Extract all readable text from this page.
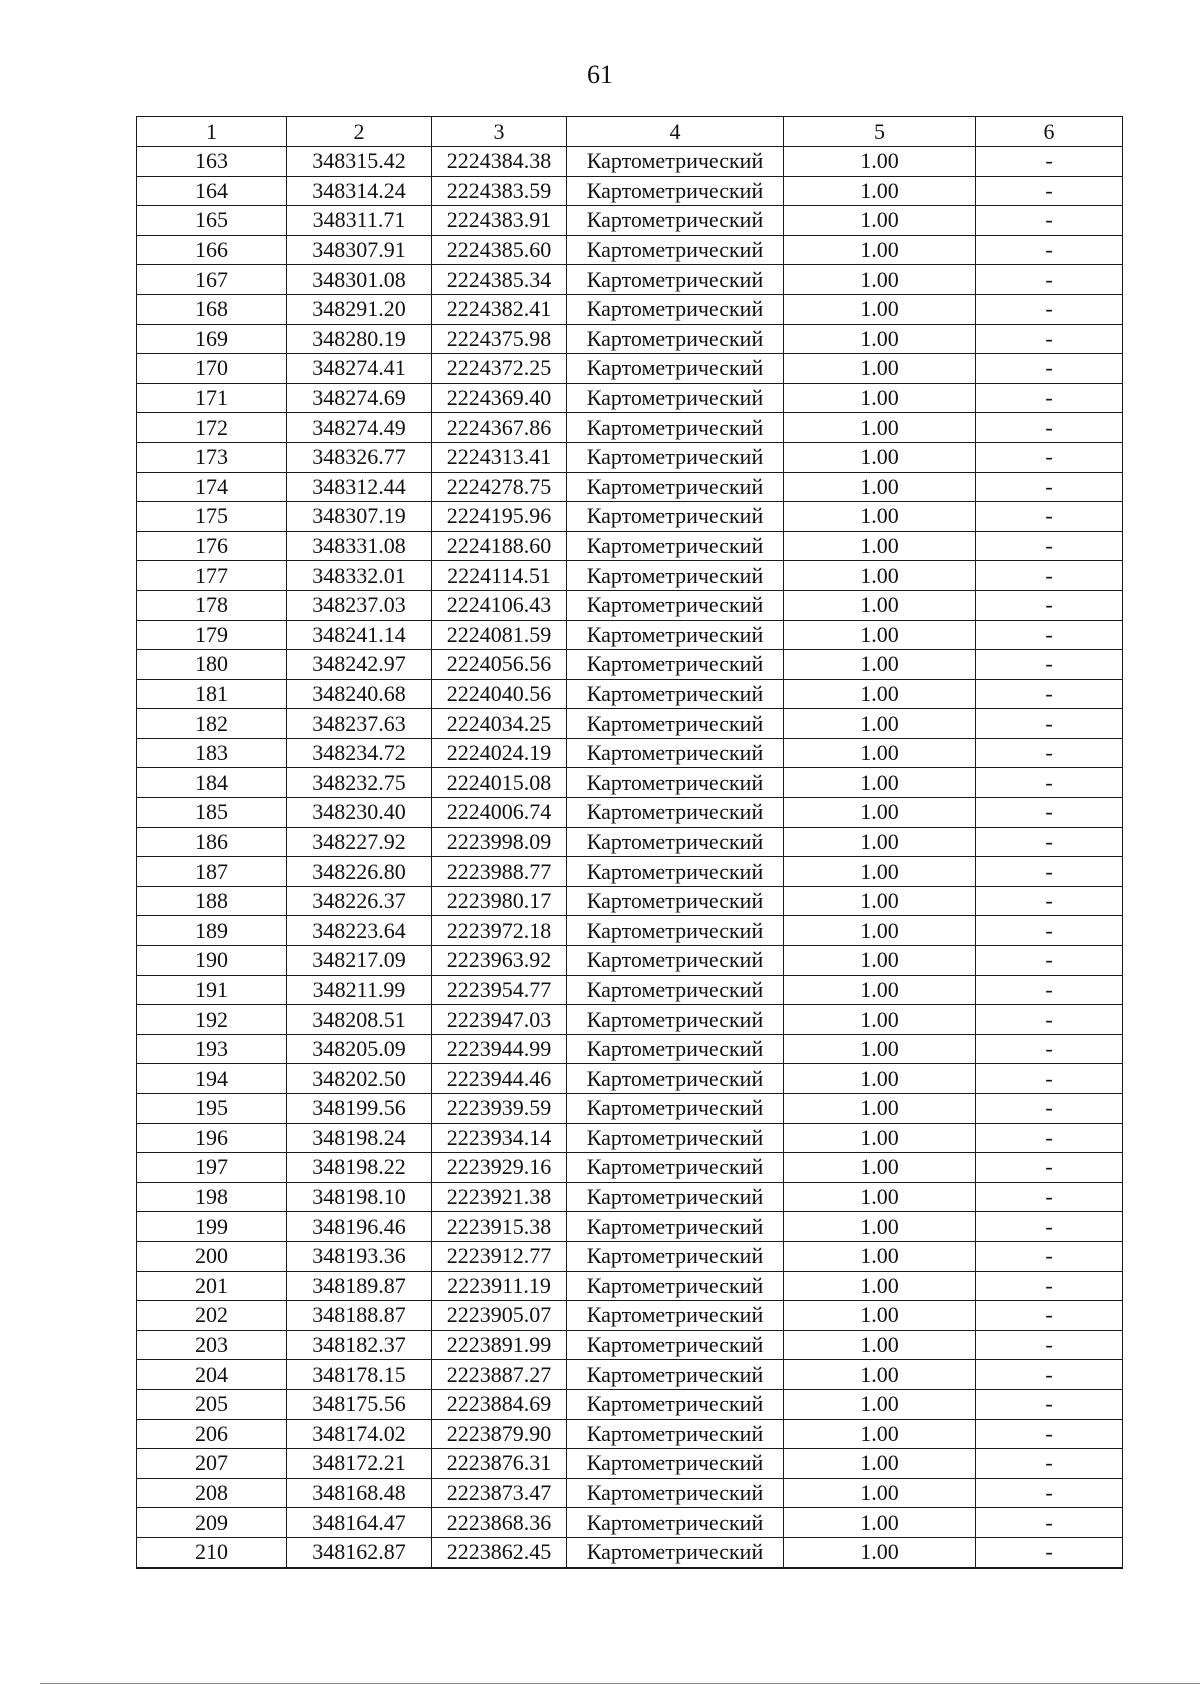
61
1	2	3	4	5	6
163	348315.42	2224384.38	Картометрический	1.00	-
164	348314.24	2224383.59	Картометрический	1.00	-
165	348311.71	2224383.91	Картометрический	1.00	-
166	348307.91	2224385.60	Картометрический	1.00	-
167	348301.08	2224385.34	Картометрический	1.00	-
168	348291.20	2224382.41	Картометрический	1.00	-
169	348280.19	2224375.98	Картометрический	1.00	-
170	348274.41	2224372.25	Картометрический	1.00	-
171	348274.69	2224369.40	Картометрический	1.00	-
172	348274.49	2224367.86	Картометрический	1.00	-
173	348326.77	2224313.41	Картометрический	1.00	-
174	348312.44	2224278.75	Картометрический	1.00	-
175	348307.19	2224195.96	Картометрический	1.00	-
176	348331.08	2224188.60	Картометрический	1.00	-
177	348332.01	2224114.51	Картометрический	1.00	-
178	348237.03	2224106.43	Картометрический	1.00	-
179	348241.14	2224081.59	Картометрический	1.00	-
180	348242.97	2224056.56	Картометрический	1.00	-
181	348240.68	2224040.56	Картометрический	1.00	-
182	348237.63	2224034.25	Картометрический	1.00	-
183	348234.72	2224024.19	Картометрический	1.00	-
184	348232.75	2224015.08	Картометрический	1.00	-
185	348230.40	2224006.74	Картометрический	1.00	-
186	348227.92	2223998.09	Картометрический	1.00	-
187	348226.80	2223988.77	Картометрический	1.00	-
188	348226.37	2223980.17	Картометрический	1.00	-
189	348223.64	2223972.18	Картометрический	1.00	-
190	348217.09	2223963.92	Картометрический	1.00	-
191	348211.99	2223954.77	Картометрический	1.00	-
192	348208.51	2223947.03	Картометрический	1.00	-
193	348205.09	2223944.99	Картометрический	1.00	-
194	348202.50	2223944.46	Картометрический	1.00	-
195	348199.56	2223939.59	Картометрический	1.00	-
196	348198.24	2223934.14	Картометрический	1.00	-
197	348198.22	2223929.16	Картометрический	1.00	-
198	348198.10	2223921.38	Картометрический	1.00	-
199	348196.46	2223915.38	Картометрический	1.00	-
200	348193.36	2223912.77	Картометрический	1.00	-
201	348189.87	2223911.19	Картометрический	1.00	-
202	348188.87	2223905.07	Картометрический	1.00	-
203	348182.37	2223891.99	Картометрический	1.00	-
204	348178.15	2223887.27	Картометрический	1.00	-
205	348175.56	2223884.69	Картометрический	1.00	-
206	348174.02	2223879.90	Картометрический	1.00	-
207	348172.21	2223876.31	Картометрический	1.00	-
208	348168.48	2223873.47	Картометрический	1.00	-
209	348164.47	2223868.36	Картометрический	1.00	-
210	348162.87	2223862.45	Картометрический	1.00	-
